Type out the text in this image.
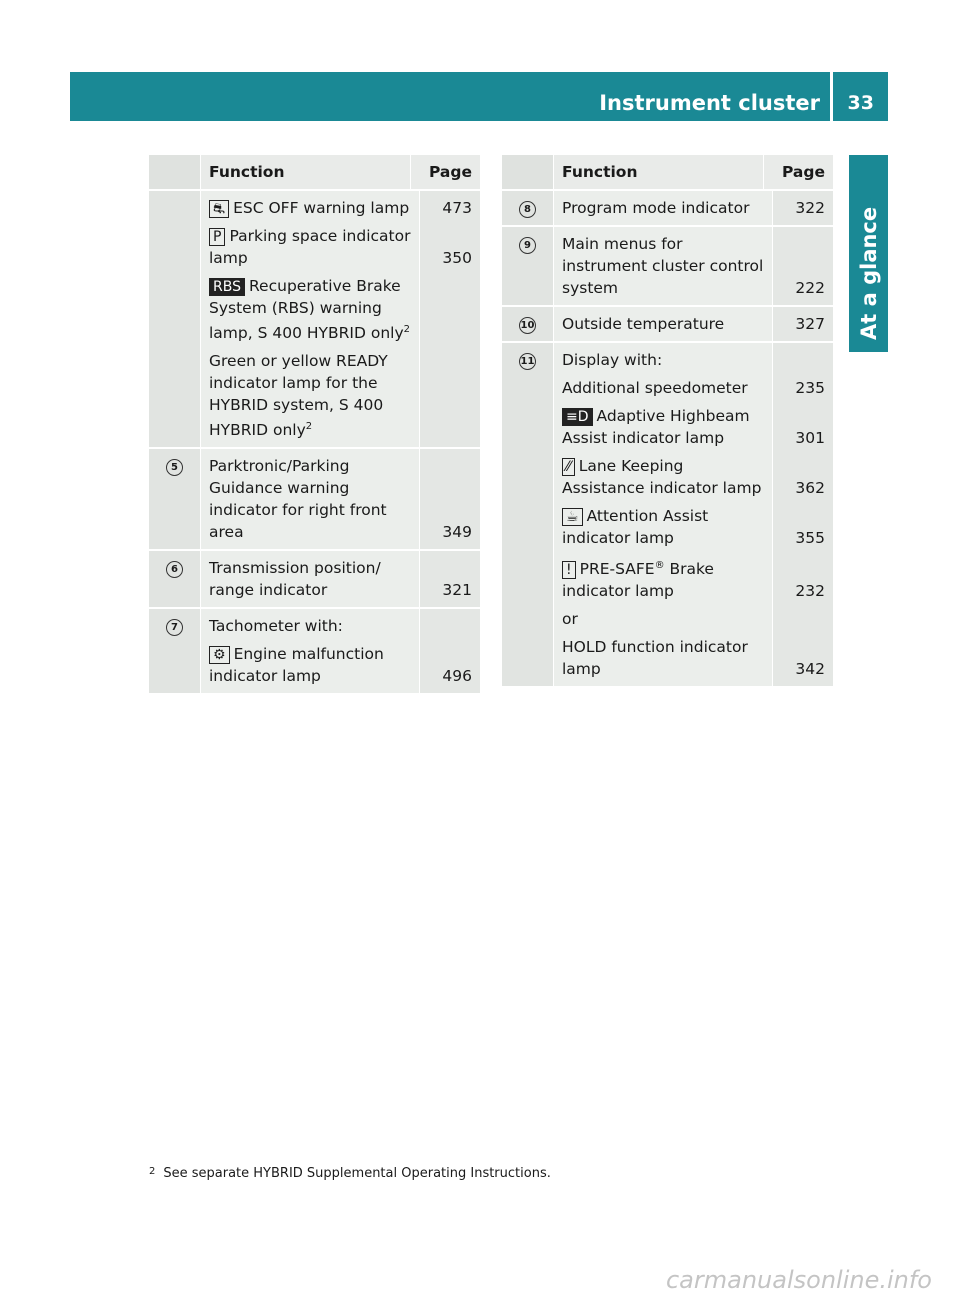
Instrument cluster 33
At a glance
Function	Page
⛐ ESC OFF warning lamp	473
P Parking space indicator lamp	350
RBS Recuperative Brake System (RBS) warning lamp, S 400 HYBRID only$^2$
Green or yellow READY indicator lamp for the HYBRID system, S 400 HYBRID only$^2$
5	Parktronic/Parking Guidance warning indicator for right front area	349
6	Transmission position/ range indicator	321
7	Tachometer with:
⚙ Engine malfunction indicator lamp	496
Function	Page
8	Program mode indicator	322
9	Main menus for instrument cluster control system	222
10	Outside temperature	327
11	Display with:
Additional speedometer	235
≡D Adaptive Highbeam Assist indicator lamp	301
⁄⁄ Lane Keeping Assistance indicator lamp	362
☕ Attention Assist indicator lamp	355
! PRE-SAFE® Brake indicator lamp	232
or
HOLD function indicator lamp	342
$^2$ See separate HYBRID Supplemental Operating Instructions.
carmanualsonline.info
